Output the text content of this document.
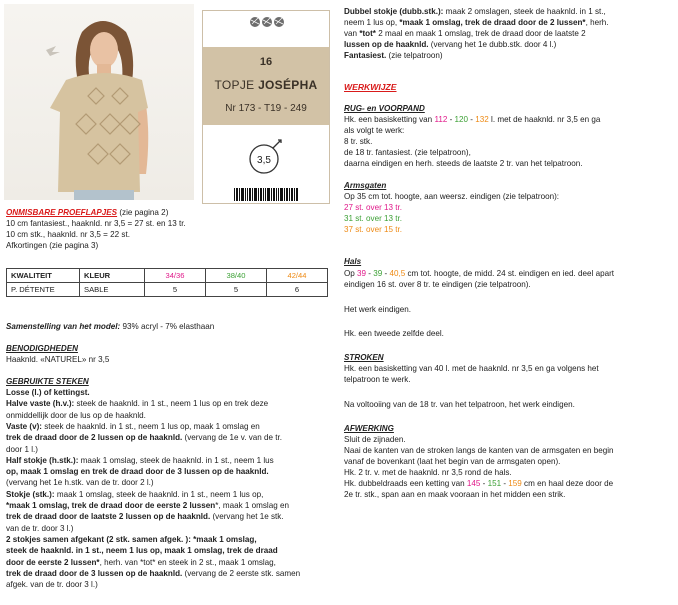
16
TOPJE JOSÉPHA
Nr 173 - T19 - 249
3,5
ONMISBARE PROEFLAPJES (zie pagina 2)
10 cm fantasiest., haaknld. nr 3,5 = 27 st. en 13 tr.
10 cm stk., haaknld. nr 3,5 = 22 st.
Afkortingen (zie pagina 3)
KWALITEIT	KLEUR	34/36	38/40	42/44
P. DÉTENTE	SABLE	5	5	6
Samenstelling van het model: 93% acryl - 7% elasthaan
BENODIGDHEDEN
Haaknld. «NATUREL» nr 3,5
GEBRUIKTE STEKEN
Losse (l.) of kettingst.
Halve vaste (h.v.): steek de haaknld. in 1 st., neem 1 lus op en trek deze
onmiddellijk door de lus op de haaknld.
Vaste (v): steek de haaknld. in 1 st., neem 1 lus op, maak 1 omslag en
trek de draad door de 2 lussen op de haaknld. (vervang de 1e v. van de tr.
door 1 l.)
Half stokje (h.stk.): maak 1 omslag, steek de haaknld. in 1 st., neem 1 lus
op, maak 1 omslag en trek de draad door de 3 lussen op de haaknld.
(vervang het 1e h.stk. van de tr. door 2 l.)
Stokje (stk.): maak 1 omslag, steek de haaknld. in 1 st., neem 1 lus op,
*maak 1 omslag, trek de draad door de eerste 2 lussen*, maak 1 omslag en
trek de draad door de laatste 2 lussen op de haaknld. (vervang het 1e stk.
van de tr. door 3 l.)
2 stokjes samen afgekant (2 stk. samen afgek. ): *maak 1 omslag,
steek de haaknld. in 1 st., neem 1 lus op, maak 1 omslag, trek de draad
door de eerste 2 lussen*, herh. van *tot* en steek in 2 st., maak 1 omslag,
trek de draad door de 3 lussen op de haaknld. (vervang de 2 eerste stk. samen
afgek. van de tr. door 3 l.)
Dubbel stokje (dubb.stk.): maak 2 omslagen, steek de haaknld. in 1 st.,
neem 1 lus op, *maak 1 omslag, trek de draad door de 2 lussen*, herh.
van *tot* 2 maal en maak 1 omslag, trek de draad door de laatste 2
lussen op de haaknld. (vervang het 1e dubb.stk. door 4 l.)
Fantasiest. (zie telpatroon)
WERKWIJZE
RUG- en VOORPAND
Hk. een basisketting van 112 - 120 - 132 l. met de haaknld. nr 3,5 en ga
als volgt te werk:
8 tr. stk.
de 18 tr. fantasiest. (zie telpatroon),
daarna eindigen en herh. steeds de laatste 2 tr. van het telpatroon.
Armsgaten
Op 35 cm tot. hoogte, aan weersz. eindigen (zie telpatroon):
27 st. over 13 tr.
31 st. over 13 tr.
37 st. over 15 tr.
Hals
Op 39 - 39 - 40,5 cm tot. hoogte, de midd. 24 st. eindigen en ied. deel apart
eindigen 16 st. over 8 tr. te eindigen (zie telpatroon).
Het werk eindigen.
Hk. een tweede zelfde deel.
STROKEN
Hk. een basisketting van 40 l. met de haaknld. nr 3,5 en ga volgens het
telpatroon te werk.
Na voltooiing van de 18 tr. van het telpatroon, het werk eindigen.
AFWERKING
Sluit de zijnaden.
Naai de kanten van de stroken langs de kanten van de armsgaten en begin
vanaf de bovenkant (laat het begin van de armsgaten open).
Hk. 2 tr. v. met de haaknld. nr 3,5 rond de hals.
Hk. dubbeldraads een ketting van 145 - 151 - 159 cm en haal deze door de
2e tr. stk., span aan en maak vooraan in het midden een strik.
